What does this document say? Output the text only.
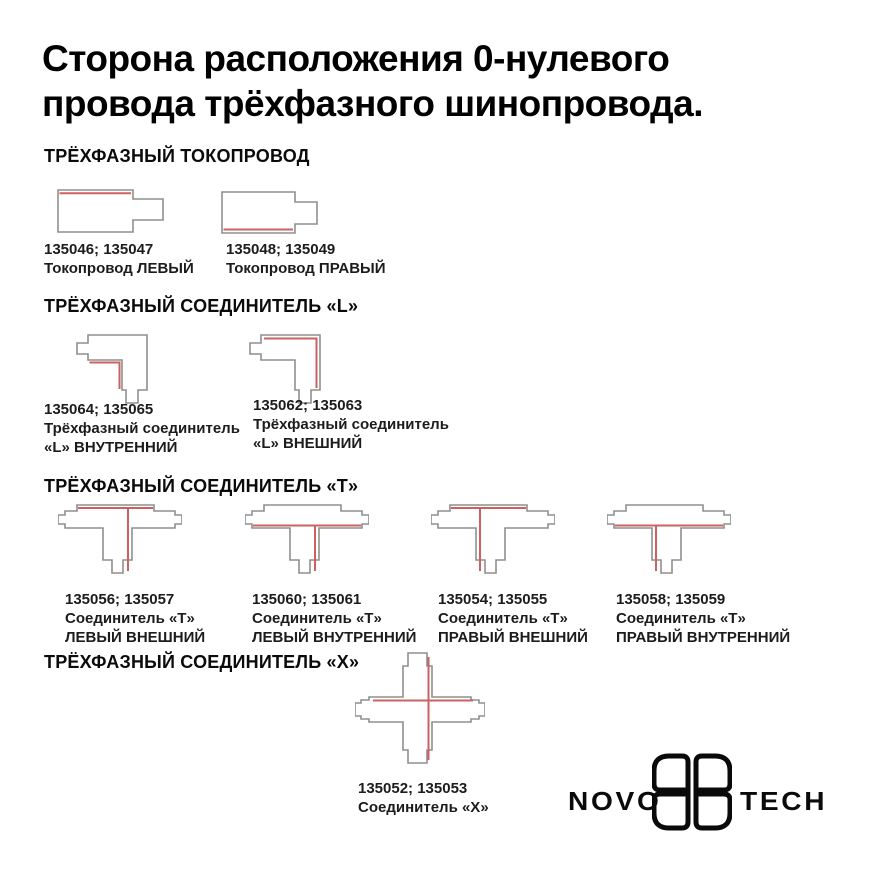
Сторона расположения 0-нулевого
провода трёхфазного шинопровода.
ТРЁХФАЗНЫЙ ТОКОПРОВОД
135046; 135047
Токопровод ЛЕВЫЙ
135048; 135049
Токопровод ПРАВЫЙ
ТРЁХФАЗНЫЙ СОЕДИНИТЕЛЬ «L»
135064; 135065
Трёхфазный соединитель
«L» ВНУТРЕННИЙ
135062; 135063
Трёхфазный соединитель
«L» ВНЕШНИЙ
ТРЁХФАЗНЫЙ СОЕДИНИТЕЛЬ «Т»
135056; 135057
Соединитель «Т»
ЛЕВЫЙ ВНЕШНИЙ
135060; 135061
Соединитель «Т»
ЛЕВЫЙ ВНУТРЕННИЙ
135054; 135055
Соединитель «Т»
ПРАВЫЙ ВНЕШНИЙ
135058; 135059
Соединитель «Т»
ПРАВЫЙ ВНУТРЕННИЙ
ТРЁХФАЗНЫЙ СОЕДИНИТЕЛЬ «Х»
135052; 135053
Соединитель «Х»	NOVO	TECH
